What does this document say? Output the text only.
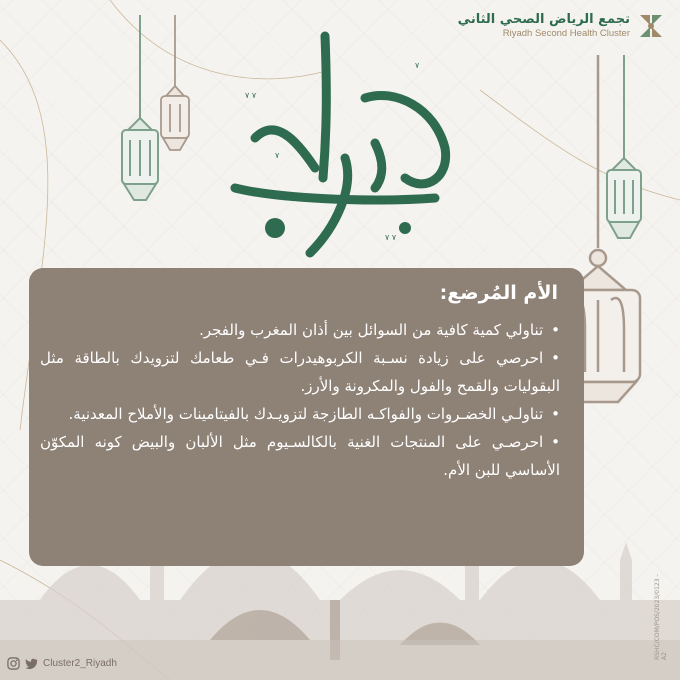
تجمع الرياض الصحي الثاني
Riyadh Second Health Cluster
۷ ۷
۷
۷
۷ ۷
الأم المُرضع:
• تناولي كمية كافية من السوائل بين أذان المغرب والفجر.
• احرصي على زيادة نسـبة الكربوهيدرات فـي طعامك لتزويدك بالطاقة مثل البقوليات والقمح والفول والمكرونة والأرز.
• تناولـي الخضـروات والفواكـه الطازجة لتزويـدك بالفيتامينات والأملاح المعدنية.
• احرصـي على المنتجات الغنية بالكالسـيوم مثل الألبان والبيض كونه المكوّن الأساسي للبن الأم.
Cluster2_Riyadh
RSHC/COM/POS/2023/0123 - A2
